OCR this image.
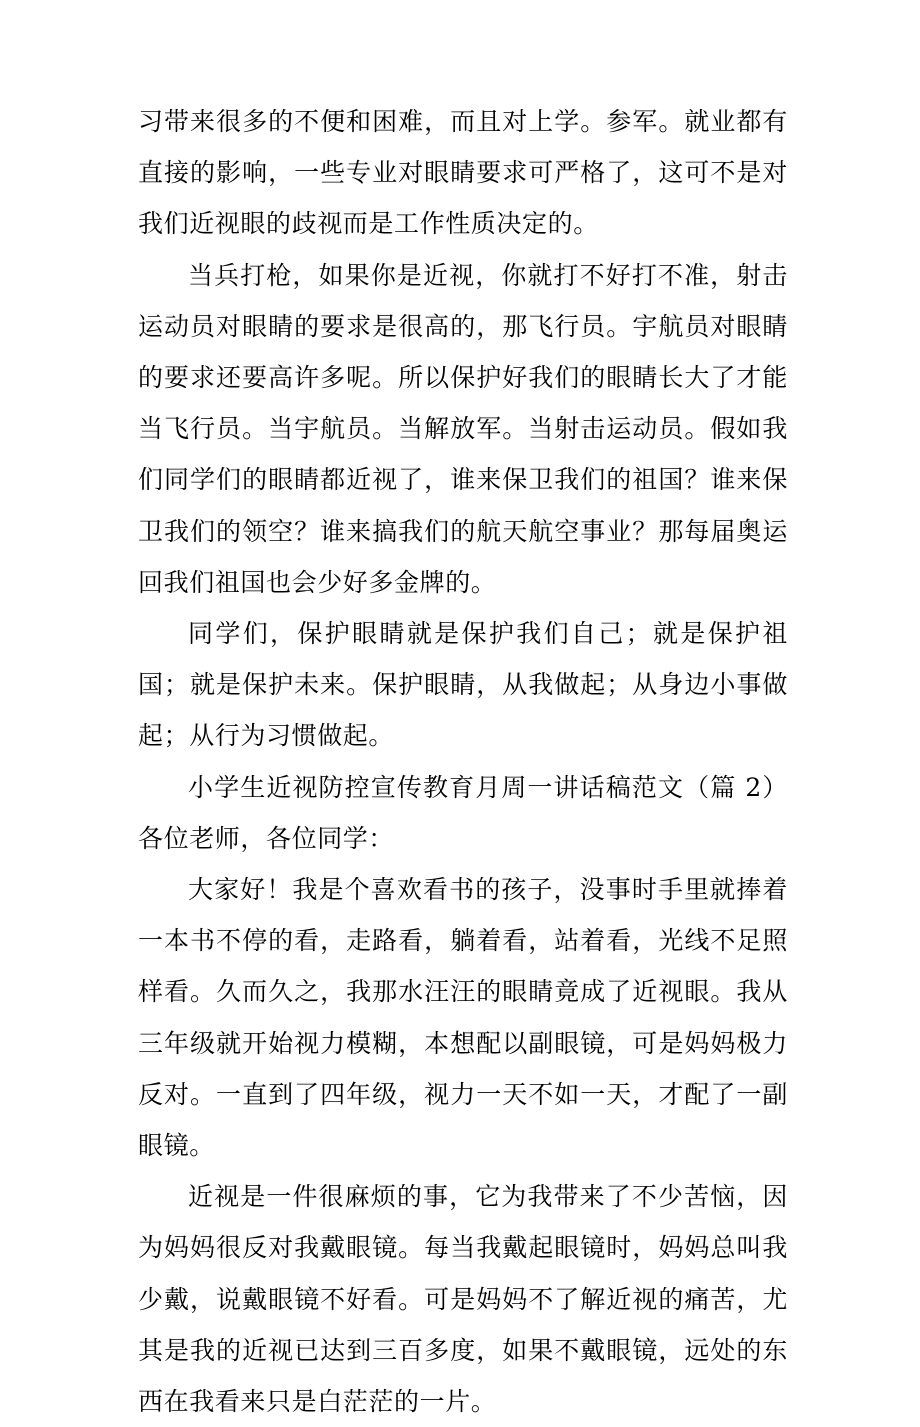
习带来很多的不便和困难，而且对上学。参军。就业都有直接的影响，一些专业对眼睛要求可严格了，这可不是对我们近视眼的歧视而是工作性质决定的。

当兵打枪，如果你是近视，你就打不好打不准，射击运动员对眼睛的要求是很高的，那飞行员。宇航员对眼睛的要求还要高许多呢。所以保护好我们的眼睛长大了才能当飞行员。当宇航员。当解放军。当射击运动员。假如我们同学们的眼睛都近视了，谁来保卫我们的祖国？谁来保卫我们的领空？谁来搞我们的航天航空事业？那每届奥运回我们祖国也会少好多金牌的。

同学们，保护眼睛就是保护我们自己；就是保护祖国；就是保护未来。保护眼睛，从我做起；从身边小事做起；从行为习惯做起。

小学生近视防控宣传教育月周一讲话稿范文（篇 2）各位老师，各位同学：

大家好！我是个喜欢看书的孩子，没事时手里就捧着一本书不停的看，走路看，躺着看，站着看，光线不足照样看。久而久之，我那水汪汪的眼睛竟成了近视眼。我从三年级就开始视力模糊，本想配以副眼镜，可是妈妈极力反对。一直到了四年级，视力一天不如一天，才配了一副眼镜。

近视是一件很麻烦的事，它为我带来了不少苦恼，因为妈妈很反对我戴眼镜。每当我戴起眼镜时，妈妈总叫我少戴，说戴眼镜不好看。可是妈妈不了解近视的痛苦，尤其是我的近视已达到三百多度，如果不戴眼镜，远处的东西在我看来只是白茫茫的一片。
